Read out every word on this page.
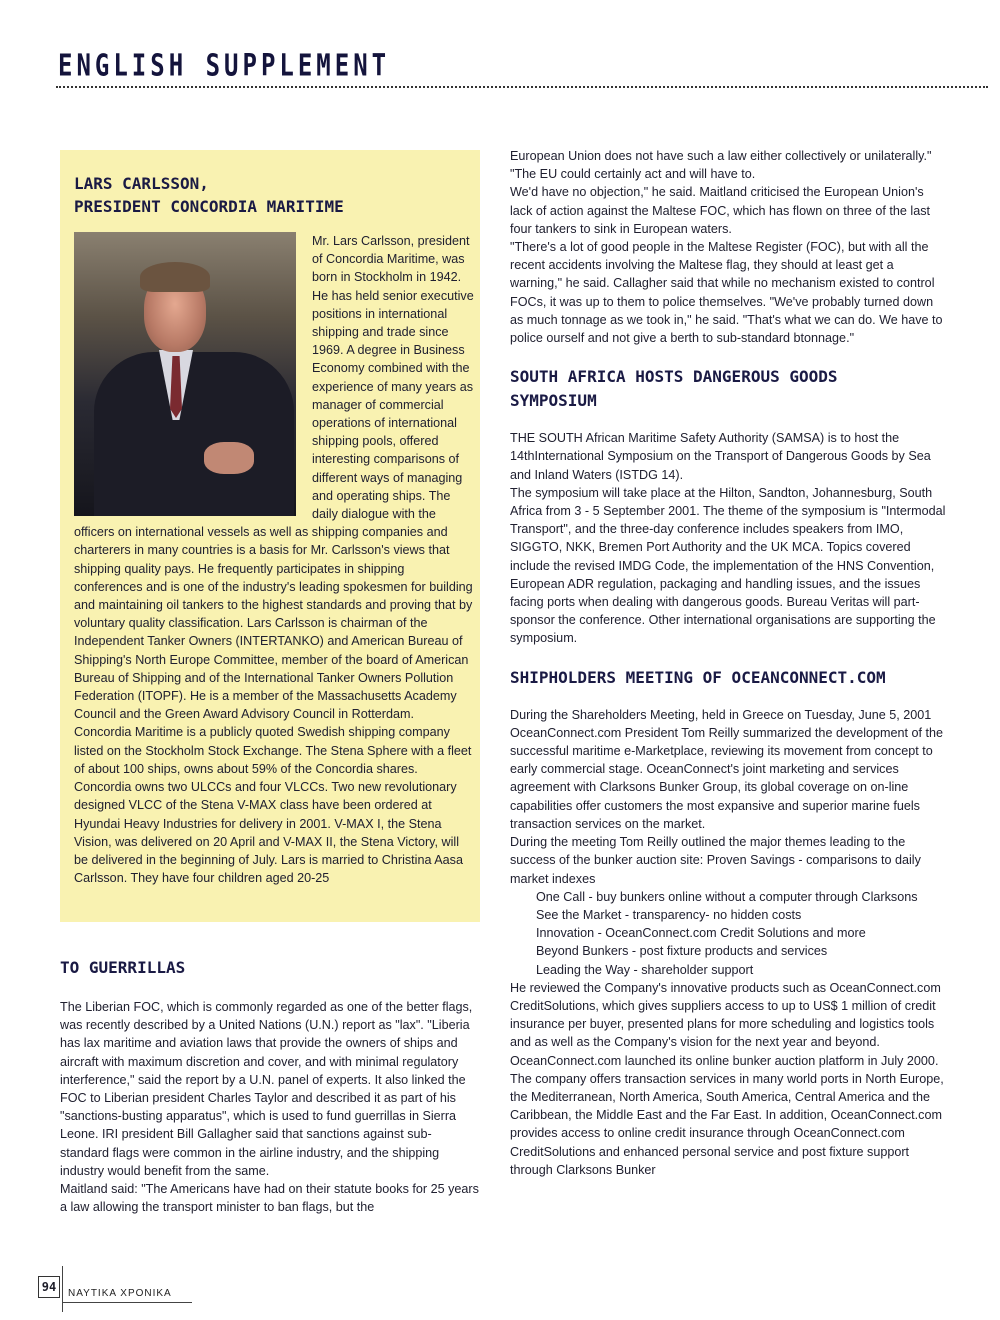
ENGLISH SUPPLEMENT
LARS CARLSSON,
PRESIDENT CONCORDIA MARITIME

Mr. Lars Carlsson, president of Concordia Maritime, was born in Stockholm in 1942. He has held senior executive positions in international shipping and trade since 1969. A degree in Business Economy combined with the experience of many years as manager of commercial operations of international shipping pools, offered interesting comparisons of different ways of managing and operating ships. The daily dialogue with the officers on international vessels as well as shipping companies and charterers in many countries is a basis for Mr. Carlsson's views that shipping quality pays. He frequently participates in shipping conferences and is one of the industry's leading spokesmen for building and maintaining oil tankers to the highest standards and proving that by voluntary quality classification. Lars Carlsson is chairman of the Independent Tanker Owners (INTERTANKO) and American Bureau of Shipping's North Europe Committee, member of the board of American Bureau of Shipping and of the International Tanker Owners Pollution Federation (ITOPF). He is a member of the Massachusetts Academy Council and the Green Award Advisory Council in Rotterdam. Concordia Maritime is a publicly quoted Swedish shipping company listed on the Stockholm Stock Exchange. The Stena Sphere with a fleet of about 100 ships, owns about 59% of the Concordia shares. Concordia owns two ULCCs and four VLCCs. Two new revolutionary designed VLCC of the Stena V-MAX class have been ordered at Hyundai Heavy Industries for delivery in 2001. V-MAX I, the Stena Vision, was delivered on 20 April and V-MAX II, the Stena Victory, will be delivered in the beginning of July. Lars is married to Christina Aasa Carlsson. They have four children aged 20-25

TO GUERRILLAS

The Liberian FOC, which is commonly regarded as one of the better flags, was recently described by a United Nations (U.N.) report as "lax". "Liberia has lax maritime and aviation laws that provide the owners of ships and aircraft with maximum discretion and cover, and with minimal regulatory interference," said the report by a U.N. panel of experts. It also linked the FOC to Liberian president Charles Taylor and described it as part of his "sanctions-busting apparatus", which is used to fund guerrillas in Sierra Leone. IRI president Bill Gallagher said that sanctions against sub-standard flags were common in the airline industry, and the shipping industry would benefit from the same.

Maitland said: "The Americans have had on their statute books for 25 years a law allowing the transport minister to ban flags, but the

European Union does not have such a law either collectively or unilaterally." "The EU could certainly act and will have to.

We'd have no objection," he said. Maitland criticised the European Union's lack of action against the Maltese FOC, which has flown on three of the last four tankers to sink in European waters.

"There's a lot of good people in the Maltese Register (FOC), but with all the recent accidents involving the Maltese flag, they should at least get a warning," he said. Callagher said that while no mechanism existed to control FOCs, it was up to them to police themselves. "We've probably turned down as much tonnage as we took in," he said. "That's what we can do. We have to police ourself and not give a berth to sub-standard btonnage."

SOUTH AFRICA HOSTS DANGEROUS GOODS
SYMPOSIUM

THE SOUTH African Maritime Safety Authority (SAMSA) is to host the 14thInternational Symposium on the Transport of Dangerous Goods by Sea and Inland Waters (ISTDG 14).

The symposium will take place at the Hilton, Sandton, Johannesburg, South Africa from 3 - 5 September 2001. The theme of the symposium is "Intermodal Transport", and the three-day conference includes speakers from IMO, SIGGTO, NKK, Bremen Port Authority and the UK MCA. Topics covered include the revised IMDG Code, the implementation of the HNS Convention, European ADR regulation, packaging and handling issues, and the issues facing ports when dealing with dangerous goods. Bureau Veritas will part-sponsor the conference. Other international organisations are supporting the symposium.

SHIPHOLDERS MEETING OF OCEANCONNECT.COM

During the Shareholders Meeting, held in Greece on Tuesday, June 5, 2001 OceanConnect.com President Tom Reilly summarized the development of the successful maritime e-Marketplace, reviewing its movement from concept to early commercial stage. OceanConnect's joint marketing and services agreement with Clarksons Bunker Group, its global coverage on on-line capabilities offer customers the most expansive and superior marine fuels transaction services on the market.

During the meeting Tom Reilly outlined the major themes leading to the success of the bunker auction site: Proven Savings - comparisons to daily market indexes

One Call - buy bunkers online without a computer through Clarksons

See the Market - transparency- no hidden costs

Innovation - OceanConnect.com Credit Solutions and more

Beyond Bunkers - post fixture products and services

Leading the Way - shareholder support

He reviewed the Company's innovative products such as OceanConnect.com CreditSolutions, which gives suppliers access to up to US$ 1 million of credit insurance per buyer, presented plans for more scheduling and logistics tools and as well as the Company's vision for the next year and beyond.

OceanConnect.com launched its online bunker auction platform in July 2000. The company offers transaction services in many world ports in North Europe, the Mediterranean, North America, South America, Central America and the Caribbean, the Middle East and the Far East. In addition, OceanConnect.com provides access to online credit insurance through OceanConnect.com CreditSolutions and enhanced personal service and post fixture support through Clarksons Bunker

94	ΝΑΥΤΙΚΑ ΧΡΟΝΙΚΑ
